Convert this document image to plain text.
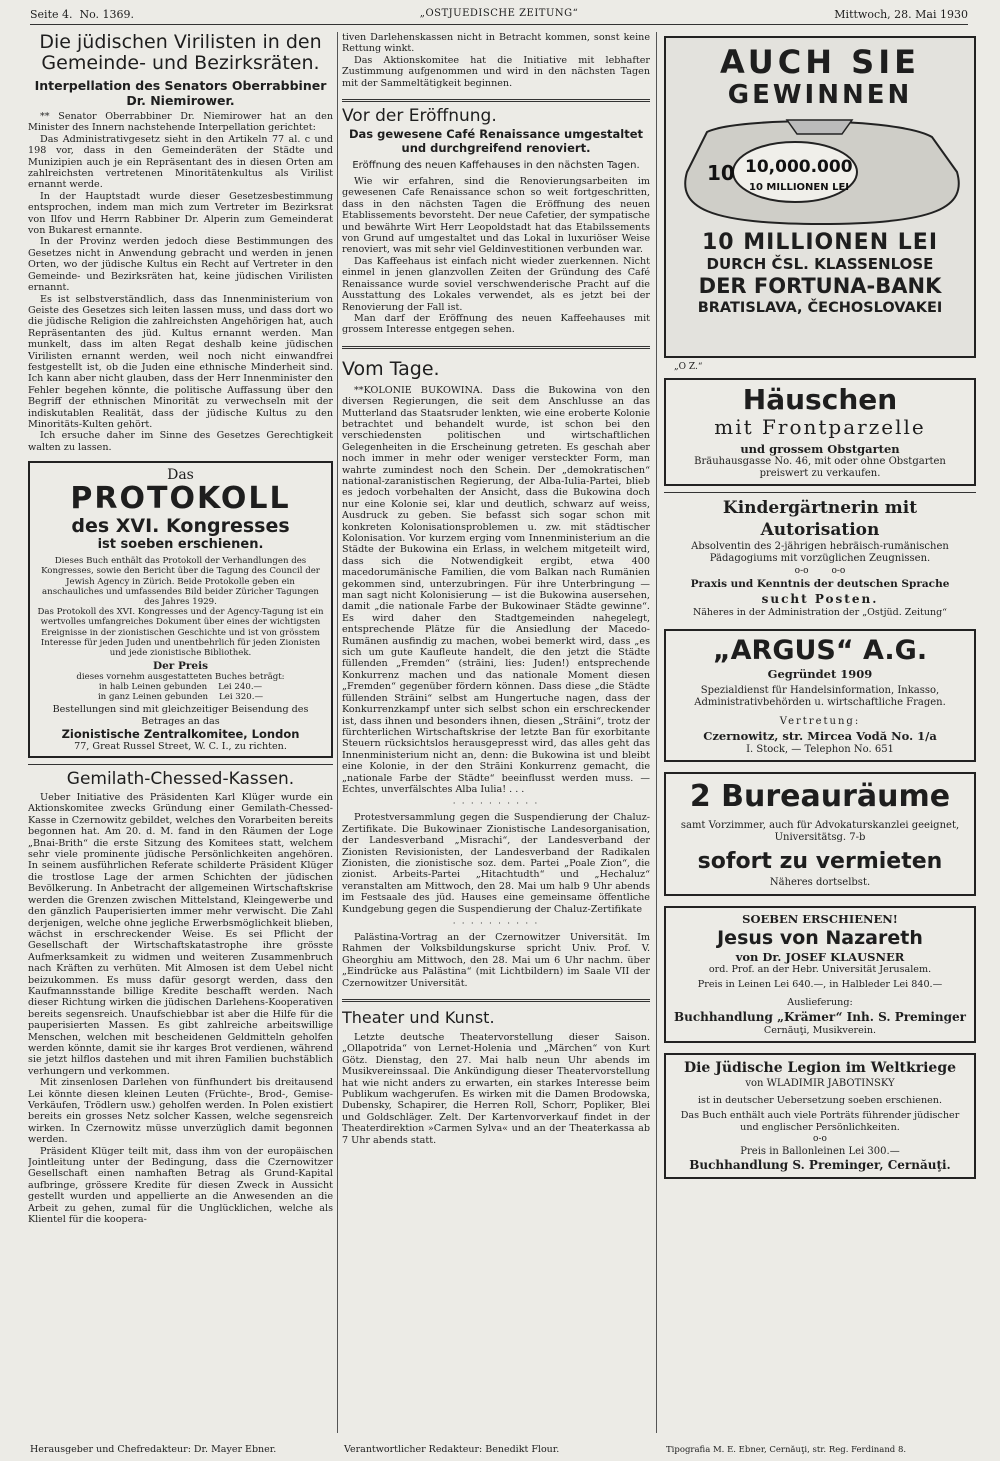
Seite 4. No. 1369.	„OSTJUEDISCHE ZEITUNG“	Mittwoch, 28. Mai 1930
Die jüdischen Virilisten in den
Gemeinde- und Bezirksräten.
Interpellation des Senators Oberrabbiner
Dr. Niemirower.

** Senator Oberrabbiner Dr. Niemirower hat an den Minister des Innern nachstehende Interpellation gerichtet:

Das Administrativgesetz sieht in den Artikeln 77 al. c und 198 vor, dass in den Gemeinderäten der Städte und Munizipien auch je ein Repräsentant des in diesen Orten am zahlreichsten vertretenen Minoritätenkultus als Virilist ernannt werde.

In der Hauptstadt wurde dieser Gesetzesbestimmung entsprochen, indem man mich zum Vertreter im Bezirksrat von Ilfov und Herrn Rabbiner Dr. Alperin zum Gemeinderat von Bukarest ernannte.

In der Provinz werden jedoch diese Bestimmungen des Gesetzes nicht in Anwendung gebracht und werden in jenen Orten, wo der jüdische Kultus ein Recht auf Vertreter in den Gemeinde- und Bezirksräten hat, keine jüdischen Virilisten ernannt.

Es ist selbstverständlich, dass das Innenministerium von Geiste des Gesetzes sich leiten lassen muss, und dass dort wo die jüdische Religion die zahlreichsten Angehörigen hat, auch Repräsentanten des jüd. Kultus ernannt werden. Man munkelt, dass im alten Regat deshalb keine jüdischen Virilisten ernannt werden, weil noch nicht einwandfrei festgestellt ist, ob die Juden eine ethnische Minderheit sind. Ich kann aber nicht glauben, dass der Herr Innenminister den Fehler begehen könnte, die politische Auffassung über den Begriff der ethnischen Minorität zu verwechseln mit der indiskutablen Realität, dass der jüdische Kultus zu den Minoritäts-Kulten gehört.

Ich ersuche daher im Sinne des Gesetzes Gerechtigkeit walten zu lassen.

Das
PROTOKOLL
des XVI. Kongresses
ist soeben erschienen.

Dieses Buch enthält das Protokoll der Verhandlungen des Kongresses, sowie den Bericht über die Tagung des Council der Jewish Agency in Zürich. Beide Protokolle geben ein anschauliches und umfassendes Bild beider Züricher Tagungen des Jahres 1929.

Das Protokoll des XVI. Kongresses und der Agency-Tagung ist ein wertvolles umfangreiches Dokument über eines der wichtigsten Ereignisse in der zionistischen Geschichte und ist von grösstem Interesse für jeden Juden und unentbehrlich für jeden Zionisten und jede zionistische Bibliothek.

Der Preis
dieses vornehm ausgestatteten Buches beträgt:
in halb Leinen gebunden Lei 240.—
in ganz Leinen gebunden Lei 320.—

Bestellungen sind mit gleichzeitiger Beisendung des Betrages an das

Zionistische Zentralkomitee, London
77, Great Russel Street, W. C. I., zu richten.
Gemilath-Chessed-Kassen.

Ueber Initiative des Präsidenten Karl Klüger wurde ein Aktionskomitee zwecks Gründung einer Gemilath-Chessed-Kasse in Czernowitz gebildet, welches den Vorarbeiten bereits begonnen hat. Am 20. d. M. fand in den Räumen der Loge „Bnai-Brith“ die erste Sitzung des Komitees statt, welchem sehr viele prominente jüdische Persönlichkeiten angehören. In seinem ausführlichen Referate schilderte Präsident Klüger die trostlose Lage der armen Schichten der jüdischen Bevölkerung. In Anbetracht der allgemeinen Wirtschaftskrise werden die Grenzen zwischen Mittelstand, Kleingewerbe und den gänzlich Pauperisierten immer mehr verwischt. Die Zahl derjenigen, welche ohne jegliche Erwerbsmöglichkeit blieben, wächst in erschreckender Weise. Es sei Pflicht der Gesellschaft der Wirtschaftskatastrophe ihre grösste Aufmerksamkeit zu widmen und weiteren Zusammenbruch nach Kräften zu verhüten. Mit Almosen ist dem Uebel nicht beizukommen. Es muss dafür gesorgt werden, dass den Kaufmannsstande billige Kredite beschafft werden. Nach dieser Richtung wirken die jüdischen Darlehens-Kooperativen bereits segensreich. Unaufschiebbar ist aber die Hilfe für die pauperisierten Massen. Es gibt zahlreiche arbeitswillige Menschen, welchen mit bescheidenen Geldmitteln geholfen werden könnte, damit sie ihr karges Brot verdienen, während sie jetzt hilflos dastehen und mit ihren Familien buchstäblich verhungern und verkommen.

Mit zinsenlosen Darlehen von fünfhundert bis dreitausend Lei könnte diesen kleinen Leuten (Früchte-, Brod-, Gemise-Verkäufen, Trödlern usw.) geholfen werden. In Polen existiert bereits ein grosses Netz solcher Kassen, welche segensreich wirken. In Czernowitz müsse unverzüglich damit begonnen werden.

Präsident Klüger teilt mit, dass ihm von der europäischen Jointleitung unter der Bedingung, dass die Czernowitzer Gesellschaft einen namhaften Betrag als Grund-Kapital aufbringe, grössere Kredite für diesen Zweck in Aussicht gestellt wurden und appellierte an die Anwesenden an die Arbeit zu gehen, zumal für die Unglücklichen, welche als Klientel für die koopera-

Herausgeber und Chefredakteur: Dr. Mayer Ebner.

tiven Darlehenskassen nicht in Betracht kommen, sonst keine Rettung winkt.

Das Aktionskomitee hat die Initiative mit lebhafter Zustimmung aufgenommen und wird in den nächsten Tagen mit der Sammeltätigkeit beginnen.

Vor der Eröffnung.
Das gewesene Café Renaissance umgestaltet und durchgreifend renoviert.
Eröffnung des neuen Kaffehauses in den nächsten Tagen.

Wie wir erfahren, sind die Renovierungsarbeiten im gewesenen Cafe Renaissance schon so weit fortgeschritten, dass in den nächsten Tagen die Eröffnung des neuen Etablissements bevorsteht. Der neue Cafetier, der sympatische und bewährte Wirt Herr Leopoldstadt hat das Etabilssements von Grund auf umgestaltet und das Lokal in luxuriöser Weise renoviert, was mit sehr viel Geldinvestitionen verbunden war.

Das Kaffeehaus ist einfach nicht wieder zuerkennen. Nicht einmel in jenen glanzvollen Zeiten der Gründung des Café Renaissance wurde soviel verschwenderische Pracht auf die Ausstattung des Lokales verwendet, als es jetzt bei der Renovierung der Fall ist.

Man darf der Eröffnung des neuen Kaffeehauses mit grossem Interesse entgegen sehen.

Vom Tage.

**KOLONIE BUKOWINA. Dass die Bukowina von den diversen Regierungen, die seit dem Anschlusse an das Mutterland das Staatsruder lenkten, wie eine eroberte Kolonie betrachtet und behandelt wurde, ist schon bei den verschiedensten politischen und wirtschaftlichen Gelegenheiten in die Erscheinung getreten. Es geschah aber noch immer in mehr oder weniger versteckter Form, man wahrte zumindest noch den Schein. Der „demokratischen“ national-zaranistischen Regierung, der Alba-Iulia-Partei, blieb es jedoch vorbehalten der Ansicht, dass die Bukowina doch nur eine Kolonie sei, klar und deutlich, schwarz auf weiss, Ausdruck zu geben. Sie befasst sich sogar schon mit konkreten Kolonisationsproblemen u. zw. mit städtischer Kolonisation. Vor kurzem erging vom Innenministerium an die Städte der Bukowina ein Erlass, in welchem mitgeteilt wird, dass sich die Notwendigkeit ergibt, etwa 400 macedorumänische Familien, die vom Balkan nach Rumänien gekommen sind, unterzubringen. Für ihre Unterbringung — man sagt nicht Kolonisierung — ist die Bukowina ausersehen, damit „die nationale Farbe der Bukowinaer Städte gewinne“. Es wird daher den Stadtgemeinden nahegelegt, entsprechende Plätze für die Ansiedlung der Macedo-Rumänen ausfindig zu machen, wobei bemerkt wird, dass „es sich um gute Kaufleute handelt, die den jetzt die Städte füllenden „Fremden“ (străini, lies: Juden!) entsprechende Konkurrenz machen und das nationale Moment diesen „Fremden“ gegenüber fördern können. Dass diese „die Städte füllenden Străini“ selbst am Hungertuche nagen, dass der Konkurrenzkampf unter sich selbst schon ein erschreckender ist, dass ihnen und besonders ihnen, diesen „Străini“, trotz der fürchterlichen Wirtschaftskrise der letzte Ban für exorbitante Steuern rücksichtslos herausgepresst wird, das alles geht das Innenministerium nicht an, denn: die Bukowina ist und bleibt eine Kolonie, in der den Străini Konkurrenz gemacht, die „nationale Farbe der Städte“ beeinflusst werden muss. — Echtes, unverfälschtes Alba Iulia! . . .

· · · · · · · · · ·

Protestversammlung gegen die Suspendierung der Chaluz-Zertifikate. Die Bukowinaer Zionistische Landesorganisation, der Landesverband „Misrachi“, der Landesverband der Zionisten Revisionisten, der Landesverband der Radikalen Zionisten, die zionistische soz. dem. Partei „Poale Zion“, die zionist. Arbeits-Partei „Hitachtudth“ und „Hechaluz“ veranstalten am Mittwoch, den 28. Mai um halb 9 Uhr abends im Festsaale des jüd. Hauses eine gemeinsame öffentliche Kundgebung gegen die Suspendierung der Chaluz-Zertifikate

· · · · · · · · · ·

Palästina-Vortrag an der Czernowitzer Universität. Im Rahmen der Volksbildungskurse spricht Univ. Prof. V. Gheorghiu am Mittwoch, den 28. Mai um 6 Uhr nachm. über „Eindrücke aus Palästina“ (mit Lichtbildern) im Saale VII der Czernowitzer Universität.

Theater und Kunst.

Letzte deutsche Theatervorstellung dieser Saison. „Ollapotrida“ von Lernet-Holenia und „Märchen“ von Kurt Götz. Dienstag, den 27. Mai halb neun Uhr abends im Musikvereinssaal. Die Ankündigung dieser Theatervorstellung hat wie nicht anders zu erwarten, ein starkes Interesse beim Publikum wachgerufen. Es wirken mit die Damen Brodowska, Dubensky, Schapirer, die Herren Roll, Schorr, Popliker, Blei und Goldschläger. Zelt. Der Kartenvorverkauf findet in der Theaterdirektion »Carmen Sylva« und an der Theaterkassa ab 7 Uhr abends statt.

Verantwortlicher Redakteur: Benedikt Flour.
AUCH SIE
GEWINNEN
10 10,000.000
10 MILLIONEN LEI
10 MILLIONEN LEI
DURCH ČSL. KLASSENLOSE
DER FORTUNA-BANK
BRATISLAVA, ČECHOSLOVAKEI
„O Z.“
Häuschen
mit Frontparzelle
und grossem Obstgarten
Bräuhausgasse No. 46, mit oder ohne Obstgarten preiswert zu verkaufen.
Kindergärtnerin mit Autorisation
Absolventin des 2-jährigen hebräisch-rumänischen Pädagogiums mit vorzüglichen Zeugnissen.
o-o	o-o
Praxis und Kenntnis der deutschen Sprache
sucht Posten.
Näheres in der Administration der „Ostjüd. Zeitung“
„ARGUS“ A.G.
Gegründet 1909
Spezialdienst für Handelsinformation, Inkasso, Administrativbehörden u. wirtschaftliche Fragen.
Vertretung:
Czernowitz, str. Mircea Vodă No. 1/a
I. Stock, — Telephon No. 651
2 Bureauräume
samt Vorzimmer, auch für Advokaturskanzlei geeignet, Universitätsg. 7-b
sofort zu vermieten
Näheres dortselbst.
SOEBEN ERSCHIENEN!
Jesus von Nazareth
von Dr. JOSEF KLAUSNER
ord. Prof. an der Hebr. Universität Jerusalem.
Preis in Leinen Lei 640.—, in Halbleder Lei 840.—
Auslieferung:
Buchhandlung „Krämer“ Inh. S. Preminger
Cernăuţi, Musikverein.
Die Jüdische Legion im Weltkriege
von WLADIMIR JABOTINSKY
ist in deutscher Uebersetzung soeben erschienen.
Das Buch enthält auch viele Porträts führender jüdischer und englischer Persönlichkeiten.
o-o
Preis in Ballonleinen Lei 300.—
Buchhandlung S. Preminger, Cernăuţi.
Tipografia M. E. Ebner, Cernăuţi, str. Reg. Ferdinand 8.
